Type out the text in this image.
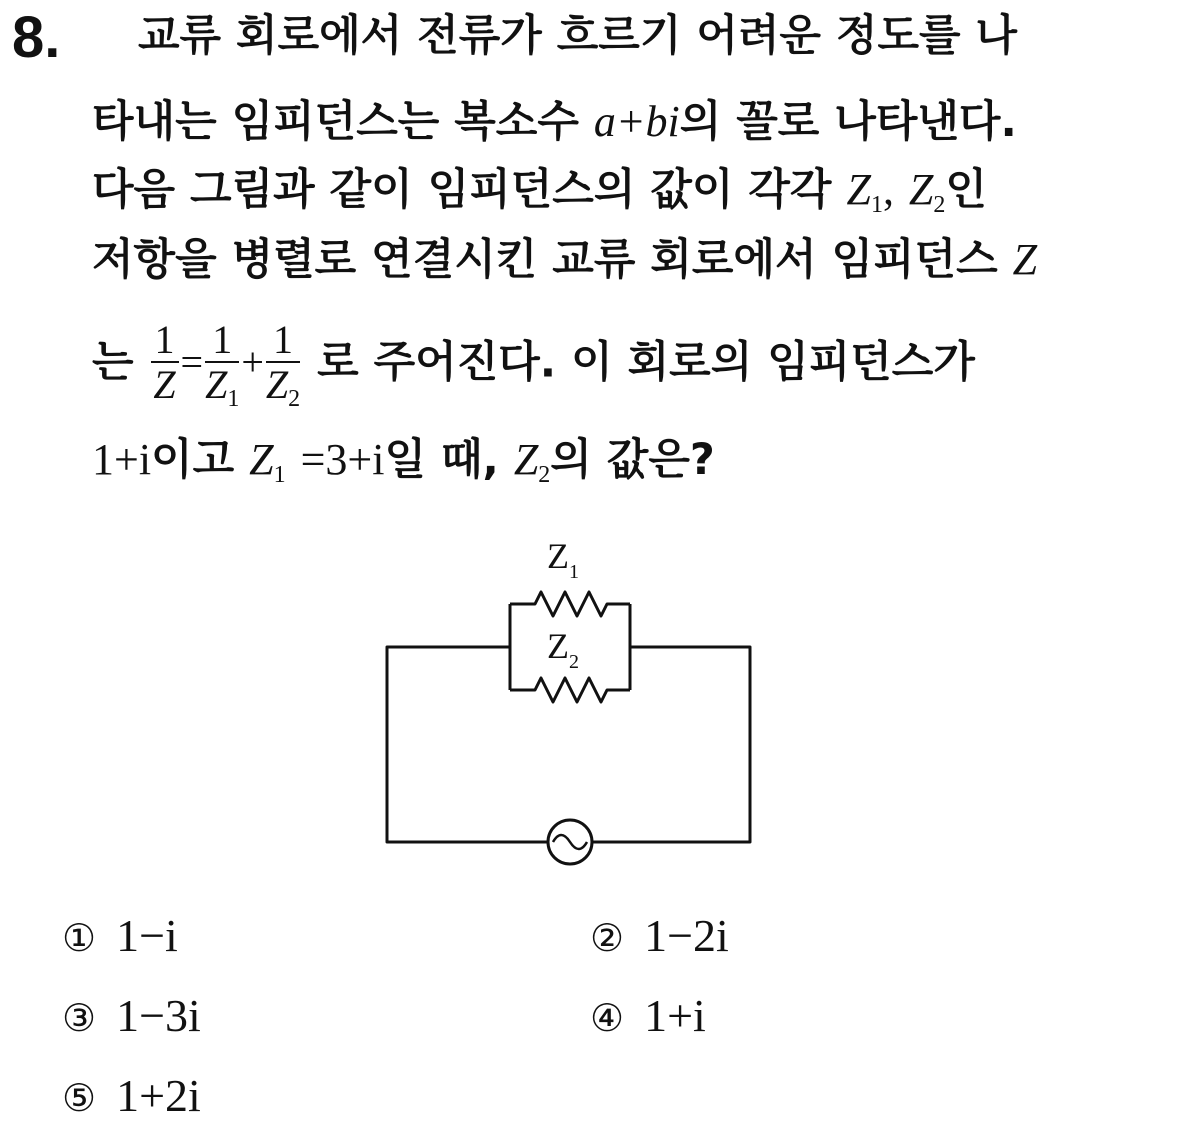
8. 교류 회로에서 전류가 흐르기 어려운 정도를 나
타내는 임피던스는 복소수 a+bi의 꼴로 나타낸다.
다음 그림과 같이 임피던스의 값이 각각 $Z_1$, $Z_2$인
저항을 병렬로 연결시킨 교류 회로에서 임피던스 Z
는 $\frac{1}{Z} = \frac{1}{Z_1} + \frac{1}{Z_2}$ 로 주어진다. 이 회로의 임피던스가
1+i이고 $Z_1 =3+i$일 때, $Z_2$의 값은?
$Z_1$
$Z_2$
① 1−i	② 1−2i
③ 1−3i	④ 1+i
⑤ 1+2i
